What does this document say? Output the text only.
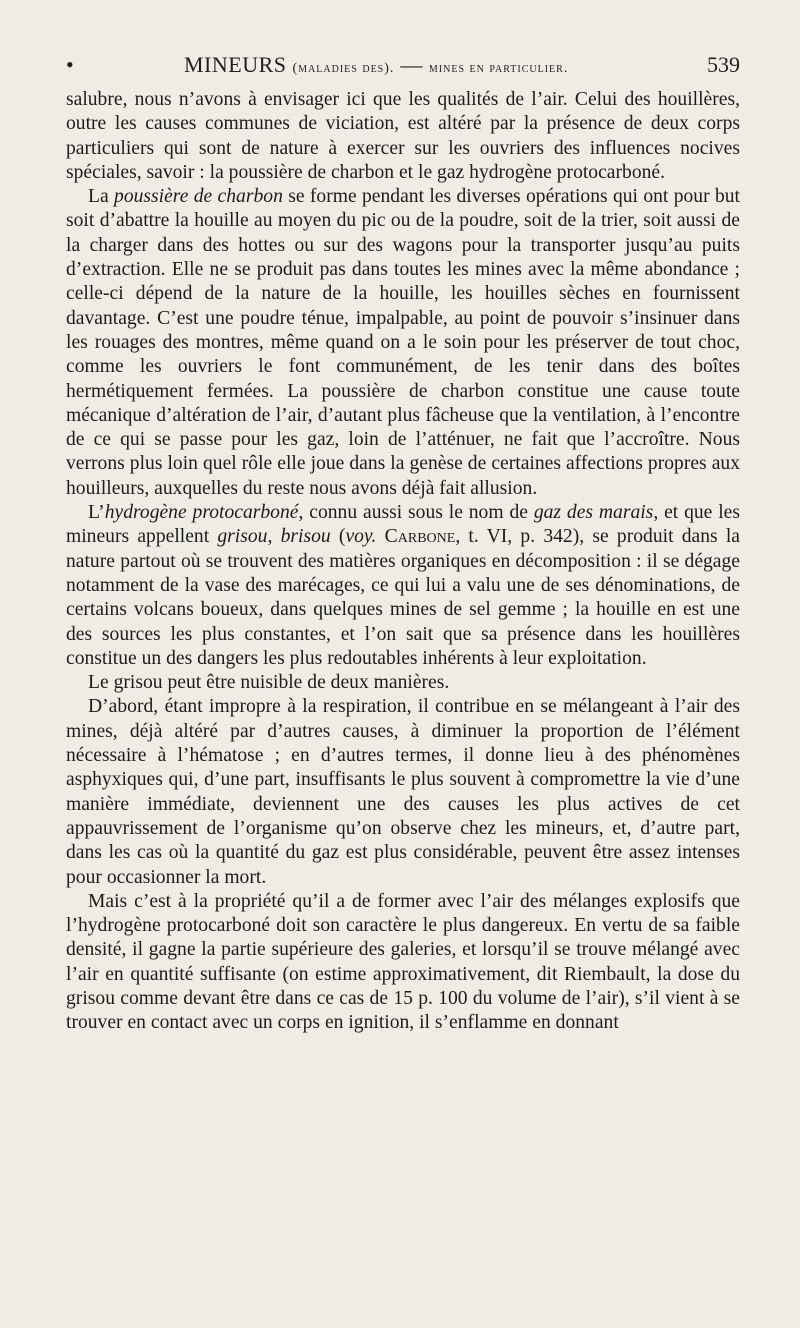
•	MINEURS (maladies des). — mines en particulier.	539

salubre, nous n’avons à envisager ici que les qualités de l’air. Celui des houillères, outre les causes communes de viciation, est altéré par la présence de deux corps particuliers qui sont de nature à exercer sur les ouvriers des influences nocives spéciales, savoir : la poussière de charbon et le gaz hydrogène protocarboné.

La poussière de charbon se forme pendant les diverses opérations qui ont pour but soit d’abattre la houille au moyen du pic ou de la poudre, soit de la trier, soit aussi de la charger dans des hottes ou sur des wagons pour la transporter jusqu’au puits d’extraction. Elle ne se produit pas dans toutes les mines avec la même abondance ; celle-ci dépend de la nature de la houille, les houilles sèches en fournissent davantage. C’est une poudre ténue, impalpable, au point de pouvoir s’insinuer dans les rouages des montres, même quand on a le soin pour les préserver de tout choc, comme les ouvriers le font communément, de les tenir dans des boîtes hermétiquement fermées. La poussière de charbon constitue une cause toute mécanique d’altération de l’air, d’autant plus fâcheuse que la ventilation, à l’encontre de ce qui se passe pour les gaz, loin de l’atténuer, ne fait que l’accroître. Nous verrons plus loin quel rôle elle joue dans la genèse de certaines affections propres aux houilleurs, auxquelles du reste nous avons déjà fait allusion.

L’hydrogène protocarboné, connu aussi sous le nom de gaz des marais, et que les mineurs appellent grisou, brisou (voy. Carbone, t. VI, p. 342), se produit dans la nature partout où se trouvent des matières organiques en décomposition : il se dégage notamment de la vase des marécages, ce qui lui a valu une de ses dénominations, de certains volcans boueux, dans quelques mines de sel gemme ; la houille en est une des sources les plus constantes, et l’on sait que sa présence dans les houillères constitue un des dangers les plus redoutables inhérents à leur exploitation.

Le grisou peut être nuisible de deux manières.

D’abord, étant impropre à la respiration, il contribue en se mélangeant à l’air des mines, déjà altéré par d’autres causes, à diminuer la proportion de l’élément nécessaire à l’hématose ; en d’autres termes, il donne lieu à des phénomènes asphyxiques qui, d’une part, insuffisants le plus souvent à compromettre la vie d’une manière immédiate, deviennent une des causes les plus actives de cet appauvrissement de l’organisme qu’on observe chez les mineurs, et, d’autre part, dans les cas où la quantité du gaz est plus considérable, peuvent être assez intenses pour occasionner la mort.

Mais c’est à la propriété qu’il a de former avec l’air des mélanges explosifs que l’hydrogène protocarboné doit son caractère le plus dangereux. En vertu de sa faible densité, il gagne la partie supérieure des galeries, et lorsqu’il se trouve mélangé avec l’air en quantité suffisante (on estime approximativement, dit Riembault, la dose du grisou comme devant être dans ce cas de 15 p. 100 du volume de l’air), s’il vient à se trouver en contact avec un corps en ignition, il s’enflamme en donnant
